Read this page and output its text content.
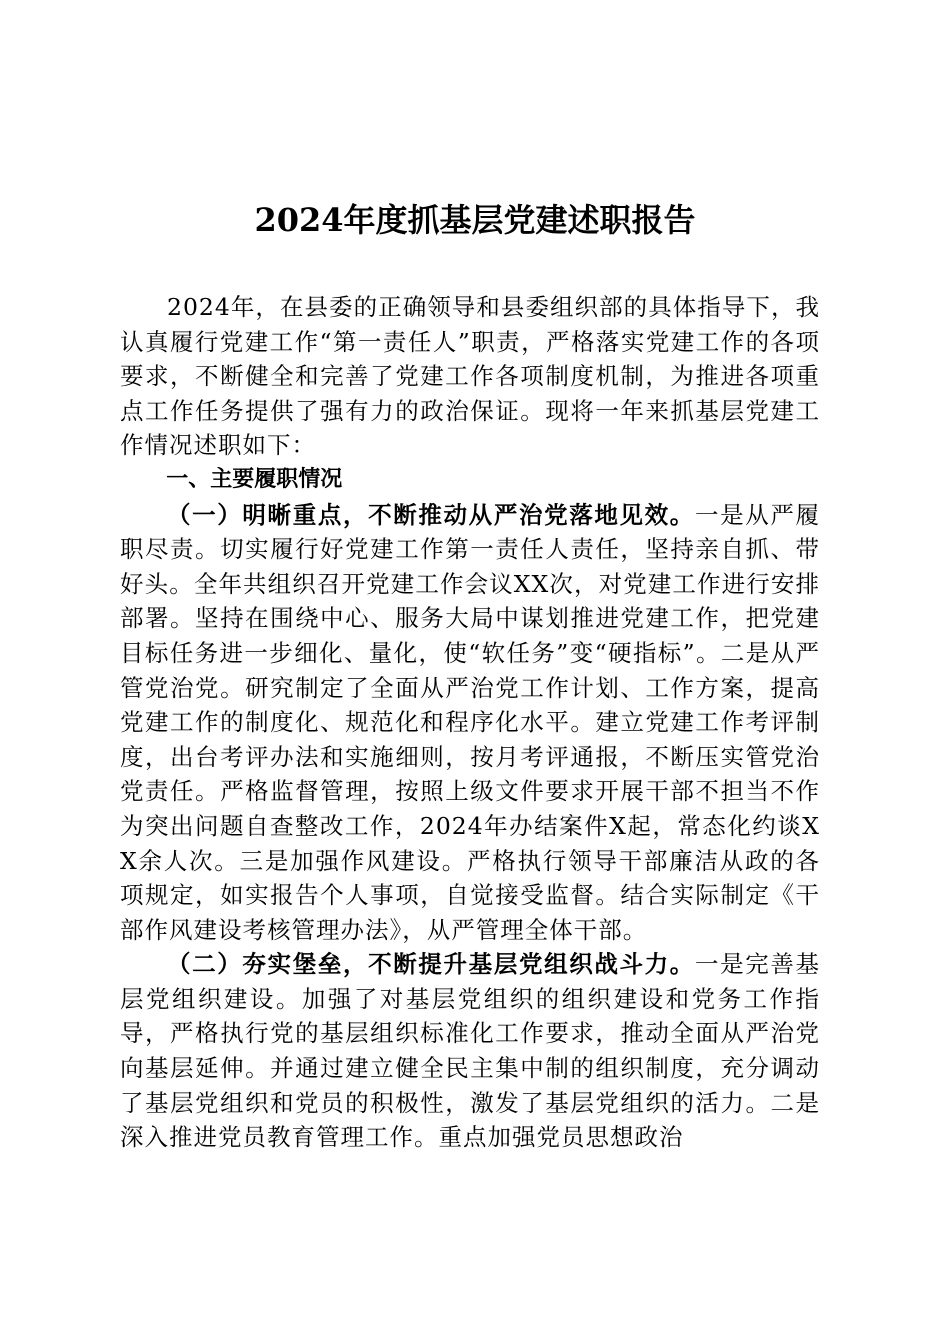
2024年度抓基层党建述职报告

2024年，在县委的正确领导和县委组织部的具体指导下，我认真履行党建工作“第一责任人”职责，严格落实党建工作的各项要求，不断健全和完善了党建工作各项制度机制，为推进各项重点工作任务提供了强有力的政治保证。现将一年来抓基层党建工作情况述职如下：

一、主要履职情况

（一）明晰重点，不断推动从严治党落地见效。一是从严履职尽责。切实履行好党建工作第一责任人责任，坚持亲自抓、带好头。全年共组织召开党建工作会议XX次，对党建工作进行安排部署。坚持在围绕中心、服务大局中谋划推进党建工作，把党建目标任务进一步细化、量化，使“软任务”变“硬指标”。二是从严管党治党。研究制定了全面从严治党工作计划、工作方案，提高党建工作的制度化、规范化和程序化水平。建立党建工作考评制度，出台考评办法和实施细则，按月考评通报，不断压实管党治党责任。严格监督管理，按照上级文件要求开展干部不担当不作为突出问题自查整改工作，2024年办结案件X起，常态化约谈XX余人次。三是加强作风建设。严格执行领导干部廉洁从政的各项规定，如实报告个人事项，自觉接受监督。结合实际制定《干部作风建设考核管理办法》，从严管理全体干部。

（二）夯实堡垒，不断提升基层党组织战斗力。一是完善基层党组织建设。加强了对基层党组织的组织建设和党务工作指导，严格执行党的基层组织标准化工作要求，推动全面从严治党向基层延伸。并通过建立健全民主集中制的组织制度，充分调动了基层党组织和党员的积极性，激发了基层党组织的活力。二是深入推进党员教育管理工作。重点加强党员思想政治
